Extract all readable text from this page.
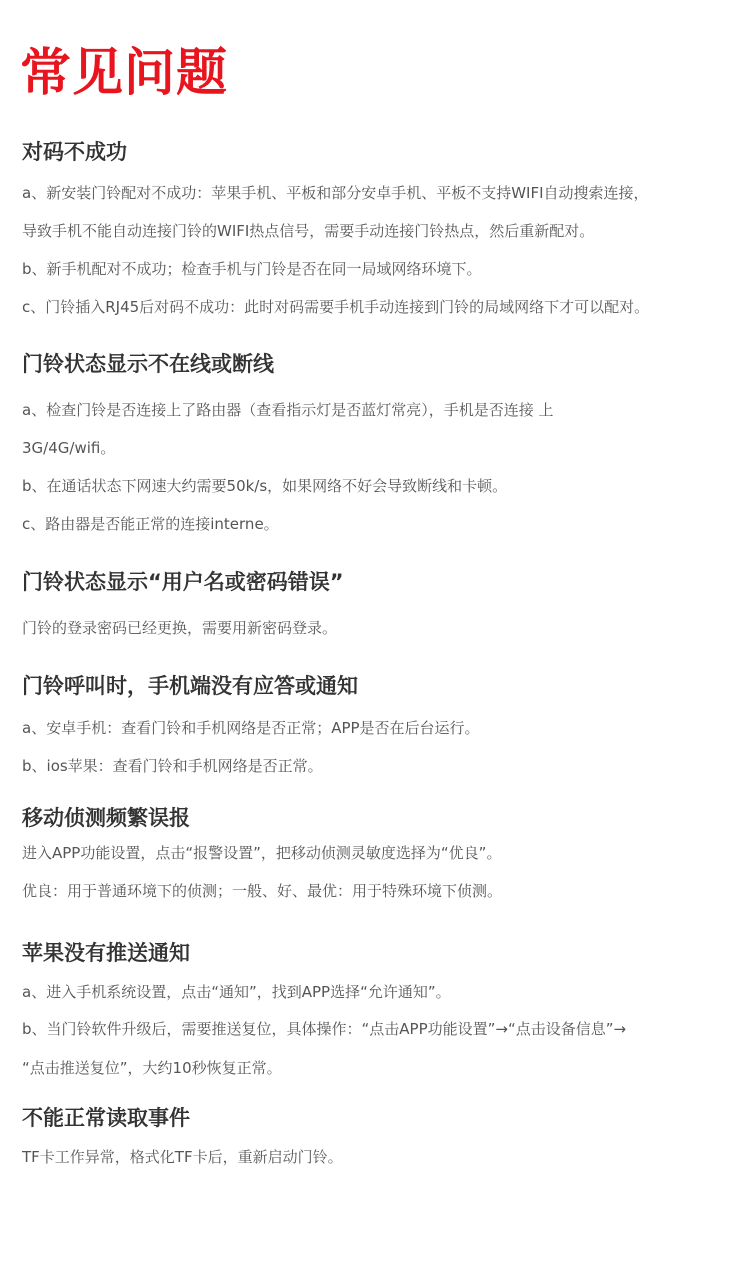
常见问题
对码不成功
a、新安装门铃配对不成功：苹果手机、平板和部分安卓手机、平板不支持WIFI自动搜索连接，
导致手机不能自动连接门铃的WIFI热点信号，需要手动连接门铃热点，然后重新配对。
b、新手机配对不成功；检查手机与门铃是否在同一局域网络环境下。
c、门铃插入RJ45后对码不成功：此时对码需要手机手动连接到门铃的局域网络下才可以配对。
门铃状态显示不在线或断线
a、检查门铃是否连接上了路由器（查看指示灯是否蓝灯常亮），手机是否连接 上
3G/4G/wifi。
b、在通话状态下网速大约需要50k/s，如果网络不好会导致断线和卡顿。
c、路由器是否能正常的连接interne。
门铃状态显示“用户名或密码错误”
门铃的登录密码已经更换，需要用新密码登录。
门铃呼叫时，手机端没有应答或通知
a、安卓手机：查看门铃和手机网络是否正常；APP是否在后台运行。
b、ios苹果：查看门铃和手机网络是否正常。
移动侦测频繁误报
进入APP功能设置，点击“报警设置”，把移动侦测灵敏度选择为“优良”。
优良：用于普通环境下的侦测；一般、好、最优：用于特殊环境下侦测。
苹果没有推送通知
a、进入手机系统设置，点击“通知”，找到APP选择“允许通知”。
b、当门铃软件升级后，需要推送复位，具体操作：“点击APP功能设置”→“点击设备信息”→
“点击推送复位”，大约10秒恢复正常。
不能正常读取事件
TF卡工作异常，格式化TF卡后，重新启动门铃。
